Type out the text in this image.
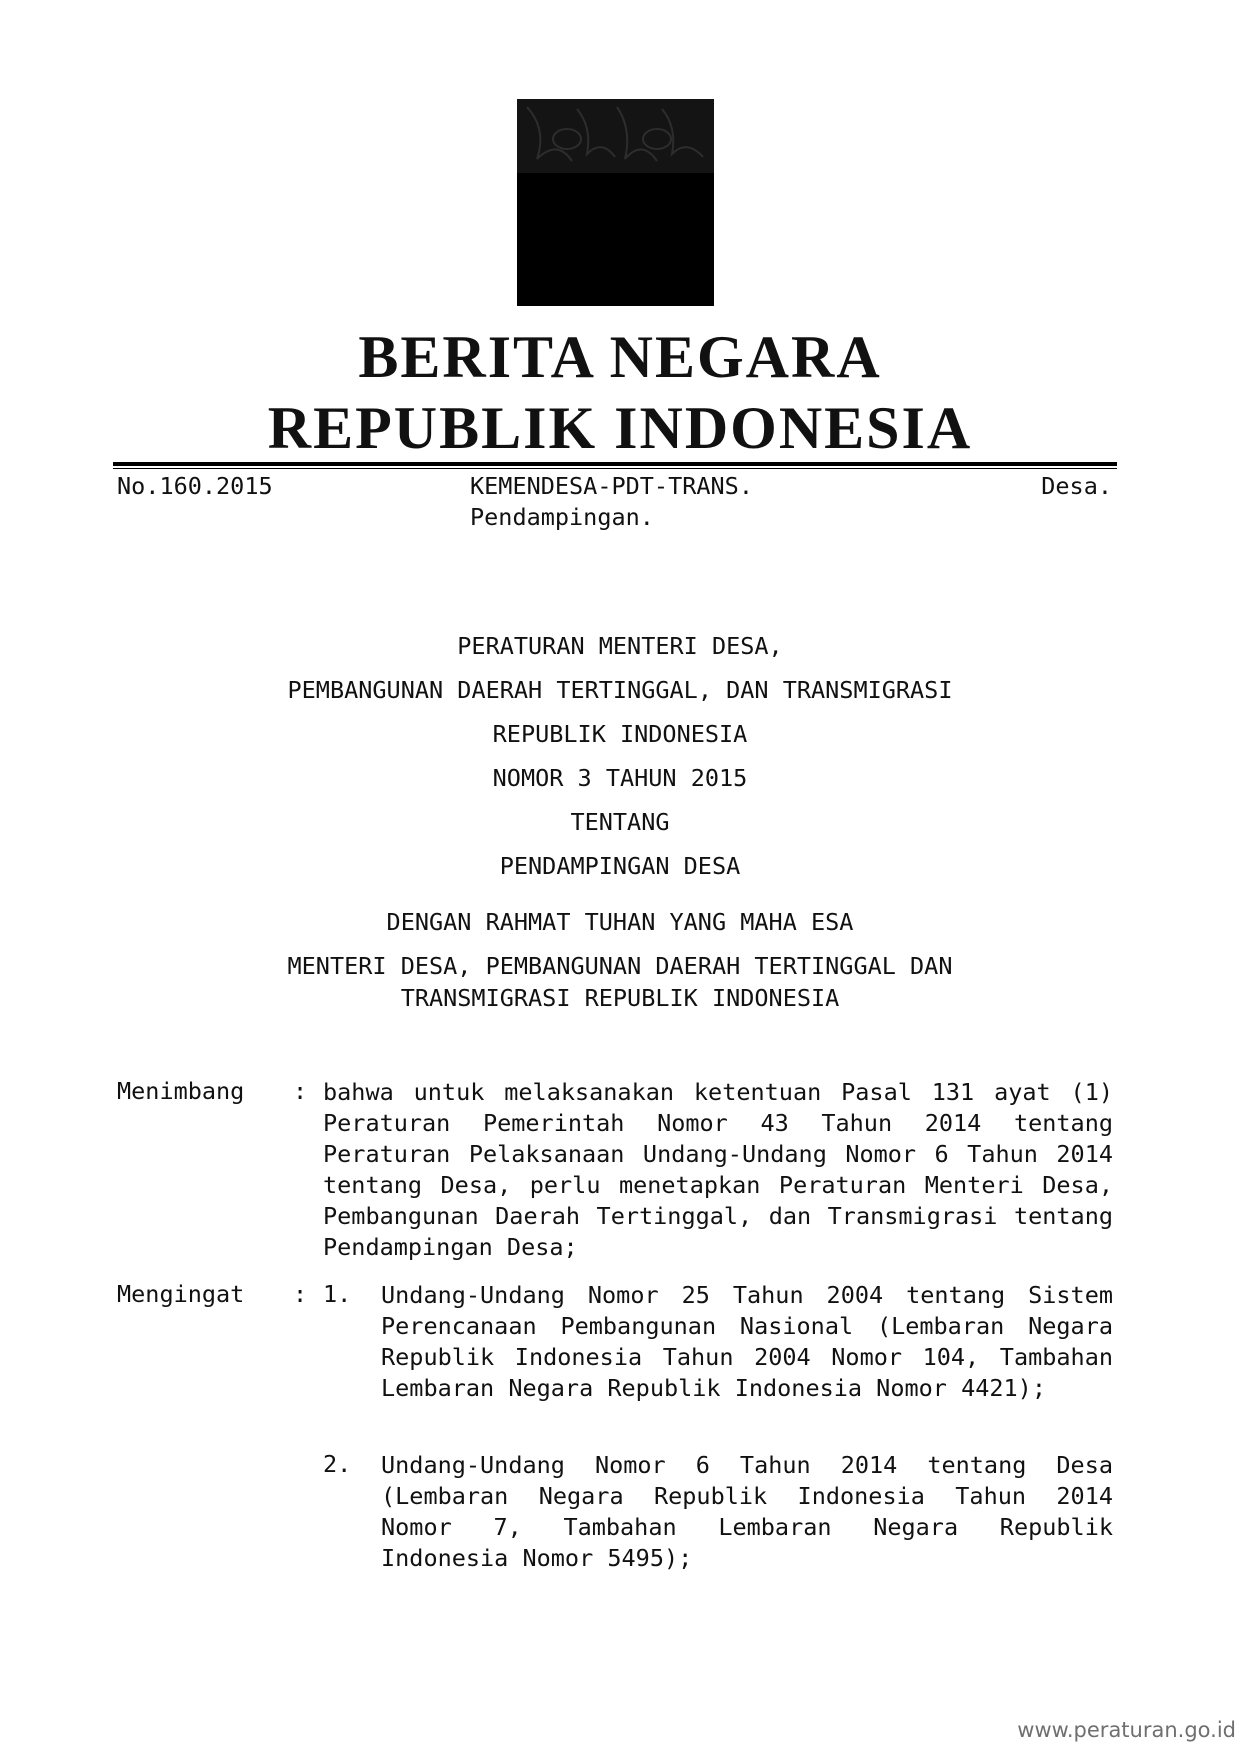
BERITA NEGARA
REPUBLIK INDONESIA
No.160.2015	KEMENDESA-PDT-TRANS.	Desa.
Pendampingan.
PERATURAN MENTERI DESA,
PEMBANGUNAN DAERAH TERTINGGAL, DAN TRANSMIGRASI
REPUBLIK INDONESIA
NOMOR 3 TAHUN 2015
TENTANG
PENDAMPINGAN DESA
DENGAN RAHMAT TUHAN YANG MAHA ESA
MENTERI DESA, PEMBANGUNAN DAERAH TERTINGGAL DAN
TRANSMIGRASI REPUBLIK INDONESIA
Menimbang : bahwa untuk melaksanakan ketentuan Pasal 131 ayat (1) Peraturan Pemerintah Nomor 43 Tahun 2014 tentang Peraturan Pelaksanaan Undang-Undang Nomor 6 Tahun 2014 tentang Desa, perlu menetapkan Peraturan Menteri Desa, Pembangunan Daerah Tertinggal, dan Transmigrasi tentang Pendampingan Desa;
Mengingat : 1. Undang-Undang Nomor 25 Tahun 2004 tentang Sistem Perencanaan Pembangunan Nasional (Lembaran Negara Republik Indonesia Tahun 2004 Nomor 104, Tambahan Lembaran Negara Republik Indonesia Nomor 4421);
2. Undang-Undang Nomor 6 Tahun 2014 tentang Desa (Lembaran Negara Republik Indonesia Tahun 2014 Nomor 7, Tambahan Lembaran Negara Republik Indonesia Nomor 5495);
www.peraturan.go.id
